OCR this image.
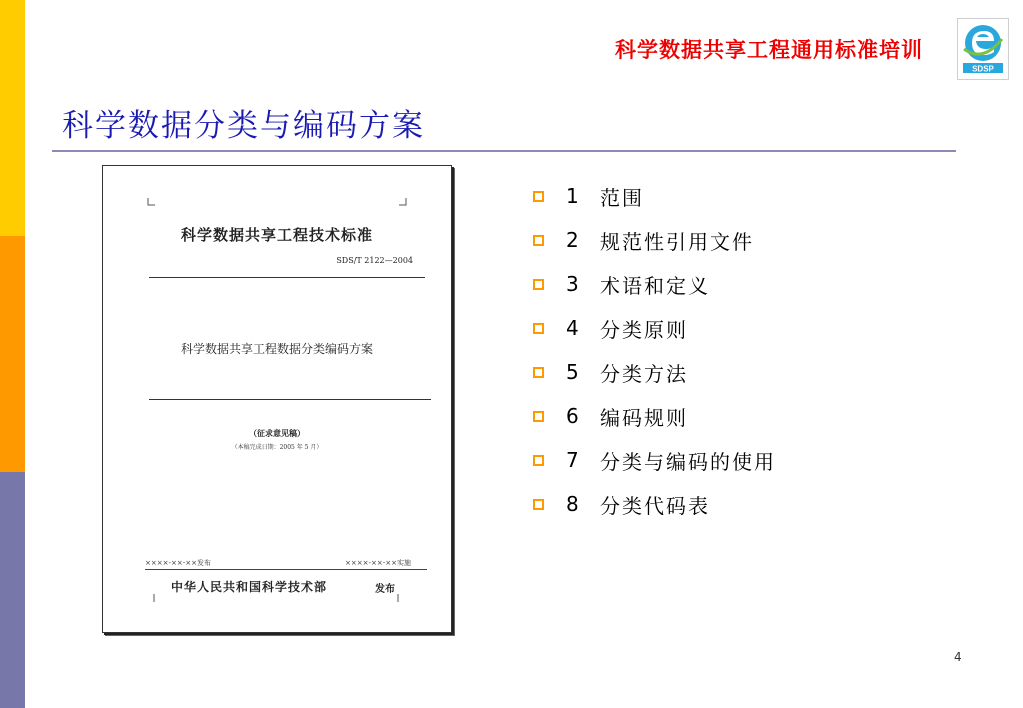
科学数据共享工程通用标准培训
SDSP
科学数据分类与编码方案
科学数据共享工程技术标准
SDS/T 2122—2004
科学数据共享工程数据分类编码方案
（征求意见稿）
（本稿完成日期：2005 年 5 月）
××××-××-××发布	××××-××-××实施
中华人民共和国科学技术部	发布
1	范围
2	规范性引用文件
3	术语和定义
4	分类原则
5	分类方法
6	编码规则
7	分类与编码的使用
8	分类代码表
4
